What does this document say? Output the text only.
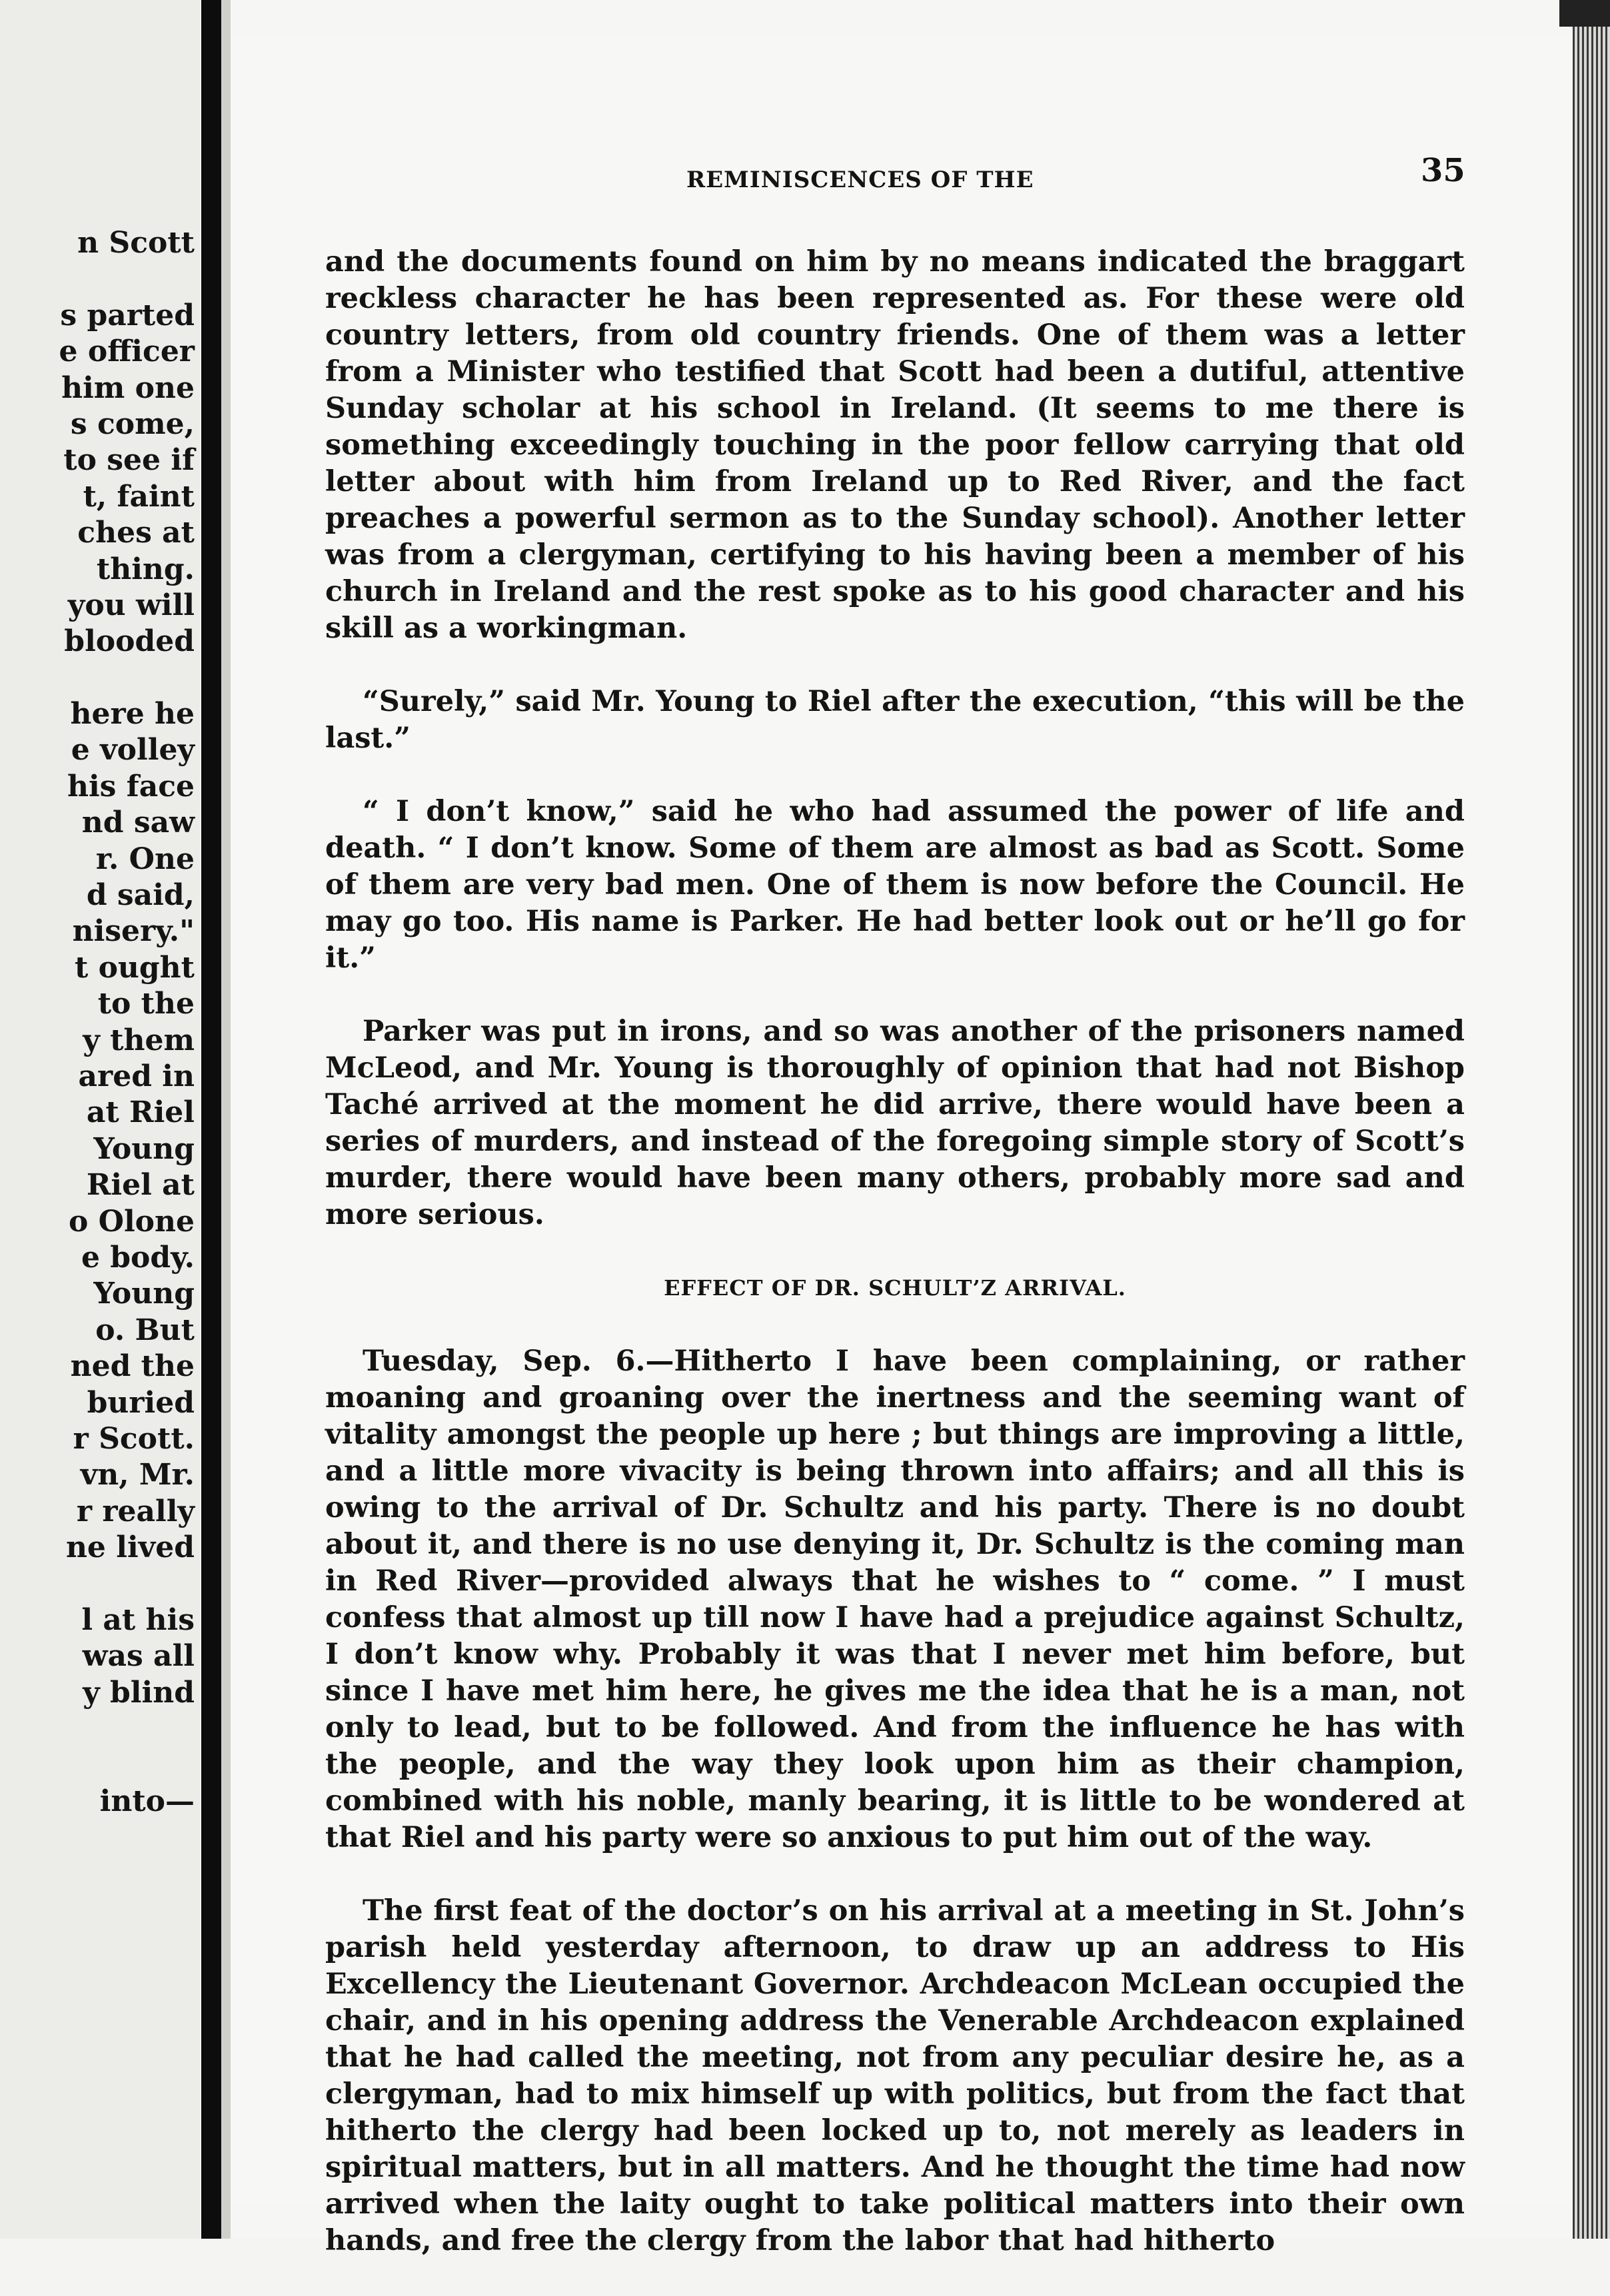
n Scott
s parted
e officer
him one
s come,
to see if
t, faint
ches at
thing.
you will
blooded
here he
e volley
his face
nd saw
r. One
d said,
nisery."
t ought
to the
y them
ared in
at Riel
Young
Riel at
o Olone
e body.
Young
o. But
ned the
buried
r Scott.
vn, Mr.
r really
ne lived
l at his
was all
y blind
into—
REMINISCENCES OF THE	35

and the documents found on him by no means indicated the braggart reckless character he has been represented as. For these were old country letters, from old country friends. One of them was a letter from a Minister who testified that Scott had been a dutiful, attentive Sunday scholar at his school in Ireland. (It seems to me there is something exceedingly touching in the poor fellow carrying that old letter about with him from Ireland up to Red River, and the fact preaches a powerful sermon as to the Sunday school). Another letter was from a clergyman, certifying to his having been a member of his church in Ireland and the rest spoke as to his good character and his skill as a workingman.

“Surely,” said Mr. Young to Riel after the execution, “this will be the last.”

“ I don’t know,” said he who had assumed the power of life and death. “ I don’t know. Some of them are almost as bad as Scott. Some of them are very bad men. One of them is now before the Council. He may go too. His name is Parker. He had better look out or he’ll go for it.”

Parker was put in irons, and so was another of the prisoners named McLeod, and Mr. Young is thoroughly of opinion that had not Bishop Taché arrived at the moment he did arrive, there would have been a series of murders, and instead of the foregoing simple story of Scott’s murder, there would have been many others, probably more sad and more serious.

EFFECT OF DR. SCHULT’Z ARRIVAL.

Tuesday, Sep. 6.—Hitherto I have been complaining, or rather moaning and groaning over the inertness and the seeming want of vitality amongst the people up here ; but things are improving a little, and a little more vivacity is being thrown into affairs; and all this is owing to the arrival of Dr. Schultz and his party. There is no doubt about it, and there is no use denying it, Dr. Schultz is the coming man in Red River—provided always that he wishes to “ come. ” I must confess that almost up till now I have had a prejudice against Schultz, I don’t know why. Probably it was that I never met him before, but since I have met him here, he gives me the idea that he is a man, not only to lead, but to be followed. And from the influence he has with the people, and the way they look upon him as their champion, combined with his noble, manly bearing, it is little to be wondered at that Riel and his party were so anxious to put him out of the way.

The first feat of the doctor’s on his arrival at a meeting in St. John’s parish held yesterday afternoon, to draw up an address to His Excellency the Lieutenant Governor. Archdeacon McLean occupied the chair, and in his opening address the Venerable Archdeacon explained that he had called the meeting, not from any peculiar desire he, as a clergyman, had to mix himself up with politics, but from the fact that hitherto the clergy had been locked up to, not merely as leaders in spiritual matters, but in all matters. And he thought the time had now arrived when the laity ought to take political matters into their own hands, and free the clergy from the labor that had hitherto
